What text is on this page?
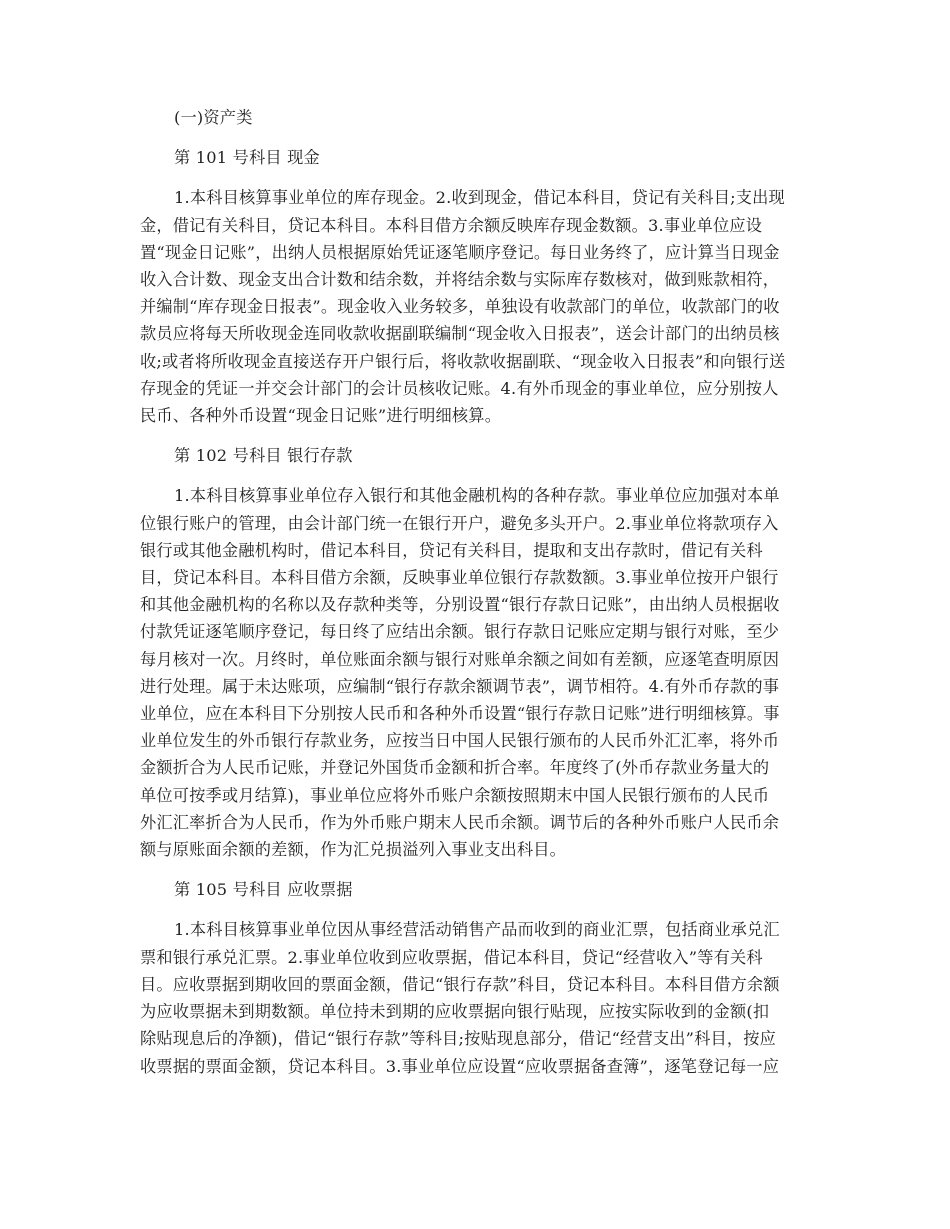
(一)资产类

第 101 号科目 现金

1.本科目核算事业单位的库存现金。2.收到现金，借记本科目，贷记有关科目;支出现
金，借记有关科目，贷记本科目。本科目借方余额反映库存现金数额。3.事业单位应设
置“现金日记账”，出纳人员根据原始凭证逐笔顺序登记。每日业务终了，应计算当日现金
收入合计数、现金支出合计数和结余数，并将结余数与实际库存数核对，做到账款相符，
并编制“库存现金日报表”。现金收入业务较多，单独设有收款部门的单位，收款部门的收
款员应将每天所收现金连同收款收据副联编制“现金收入日报表”，送会计部门的出纳员核
收;或者将所收现金直接送存开户银行后，将收款收据副联、“现金收入日报表”和向银行送
存现金的凭证一并交会计部门的会计员核收记账。4.有外币现金的事业单位，应分别按人
民币、各种外币设置“现金日记账”进行明细核算。

第 102 号科目 银行存款

1.本科目核算事业单位存入银行和其他金融机构的各种存款。事业单位应加强对本单
位银行账户的管理，由会计部门统一在银行开户，避免多头开户。2.事业单位将款项存入
银行或其他金融机构时，借记本科目，贷记有关科目，提取和支出存款时，借记有关科
目，贷记本科目。本科目借方余额，反映事业单位银行存款数额。3.事业单位按开户银行
和其他金融机构的名称以及存款种类等，分别设置“银行存款日记账”，由出纳人员根据收
付款凭证逐笔顺序登记，每日终了应结出余额。银行存款日记账应定期与银行对账，至少
每月核对一次。月终时，单位账面余额与银行对账单余额之间如有差额，应逐笔查明原因
进行处理。属于未达账项，应编制“银行存款余额调节表”，调节相符。4.有外币存款的事
业单位，应在本科目下分别按人民币和各种外币设置“银行存款日记账”进行明细核算。事
业单位发生的外币银行存款业务，应按当日中国人民银行颁布的人民币外汇汇率，将外币
金额折合为人民币记账，并登记外国货币金额和折合率。年度终了(外币存款业务量大的
单位可按季或月结算)，事业单位应将外币账户余额按照期末中国人民银行颁布的人民币
外汇汇率折合为人民币，作为外币账户期末人民币余额。调节后的各种外币账户人民币余
额与原账面余额的差额，作为汇兑损溢列入事业支出科目。

第 105 号科目 应收票据

1.本科目核算事业单位因从事经营活动销售产品而收到的商业汇票，包括商业承兑汇
票和银行承兑汇票。2.事业单位收到应收票据，借记本科目，贷记“经营收入”等有关科
目。应收票据到期收回的票面金额，借记“银行存款”科目，贷记本科目。本科目借方余额
为应收票据未到期数额。单位持未到期的应收票据向银行贴现，应按实际收到的金额(扣
除贴现息后的净额)，借记“银行存款”等科目;按贴现息部分，借记“经营支出”科目，按应
收票据的票面金额，贷记本科目。3.事业单位应设置“应收票据备查簿”，逐笔登记每一应
